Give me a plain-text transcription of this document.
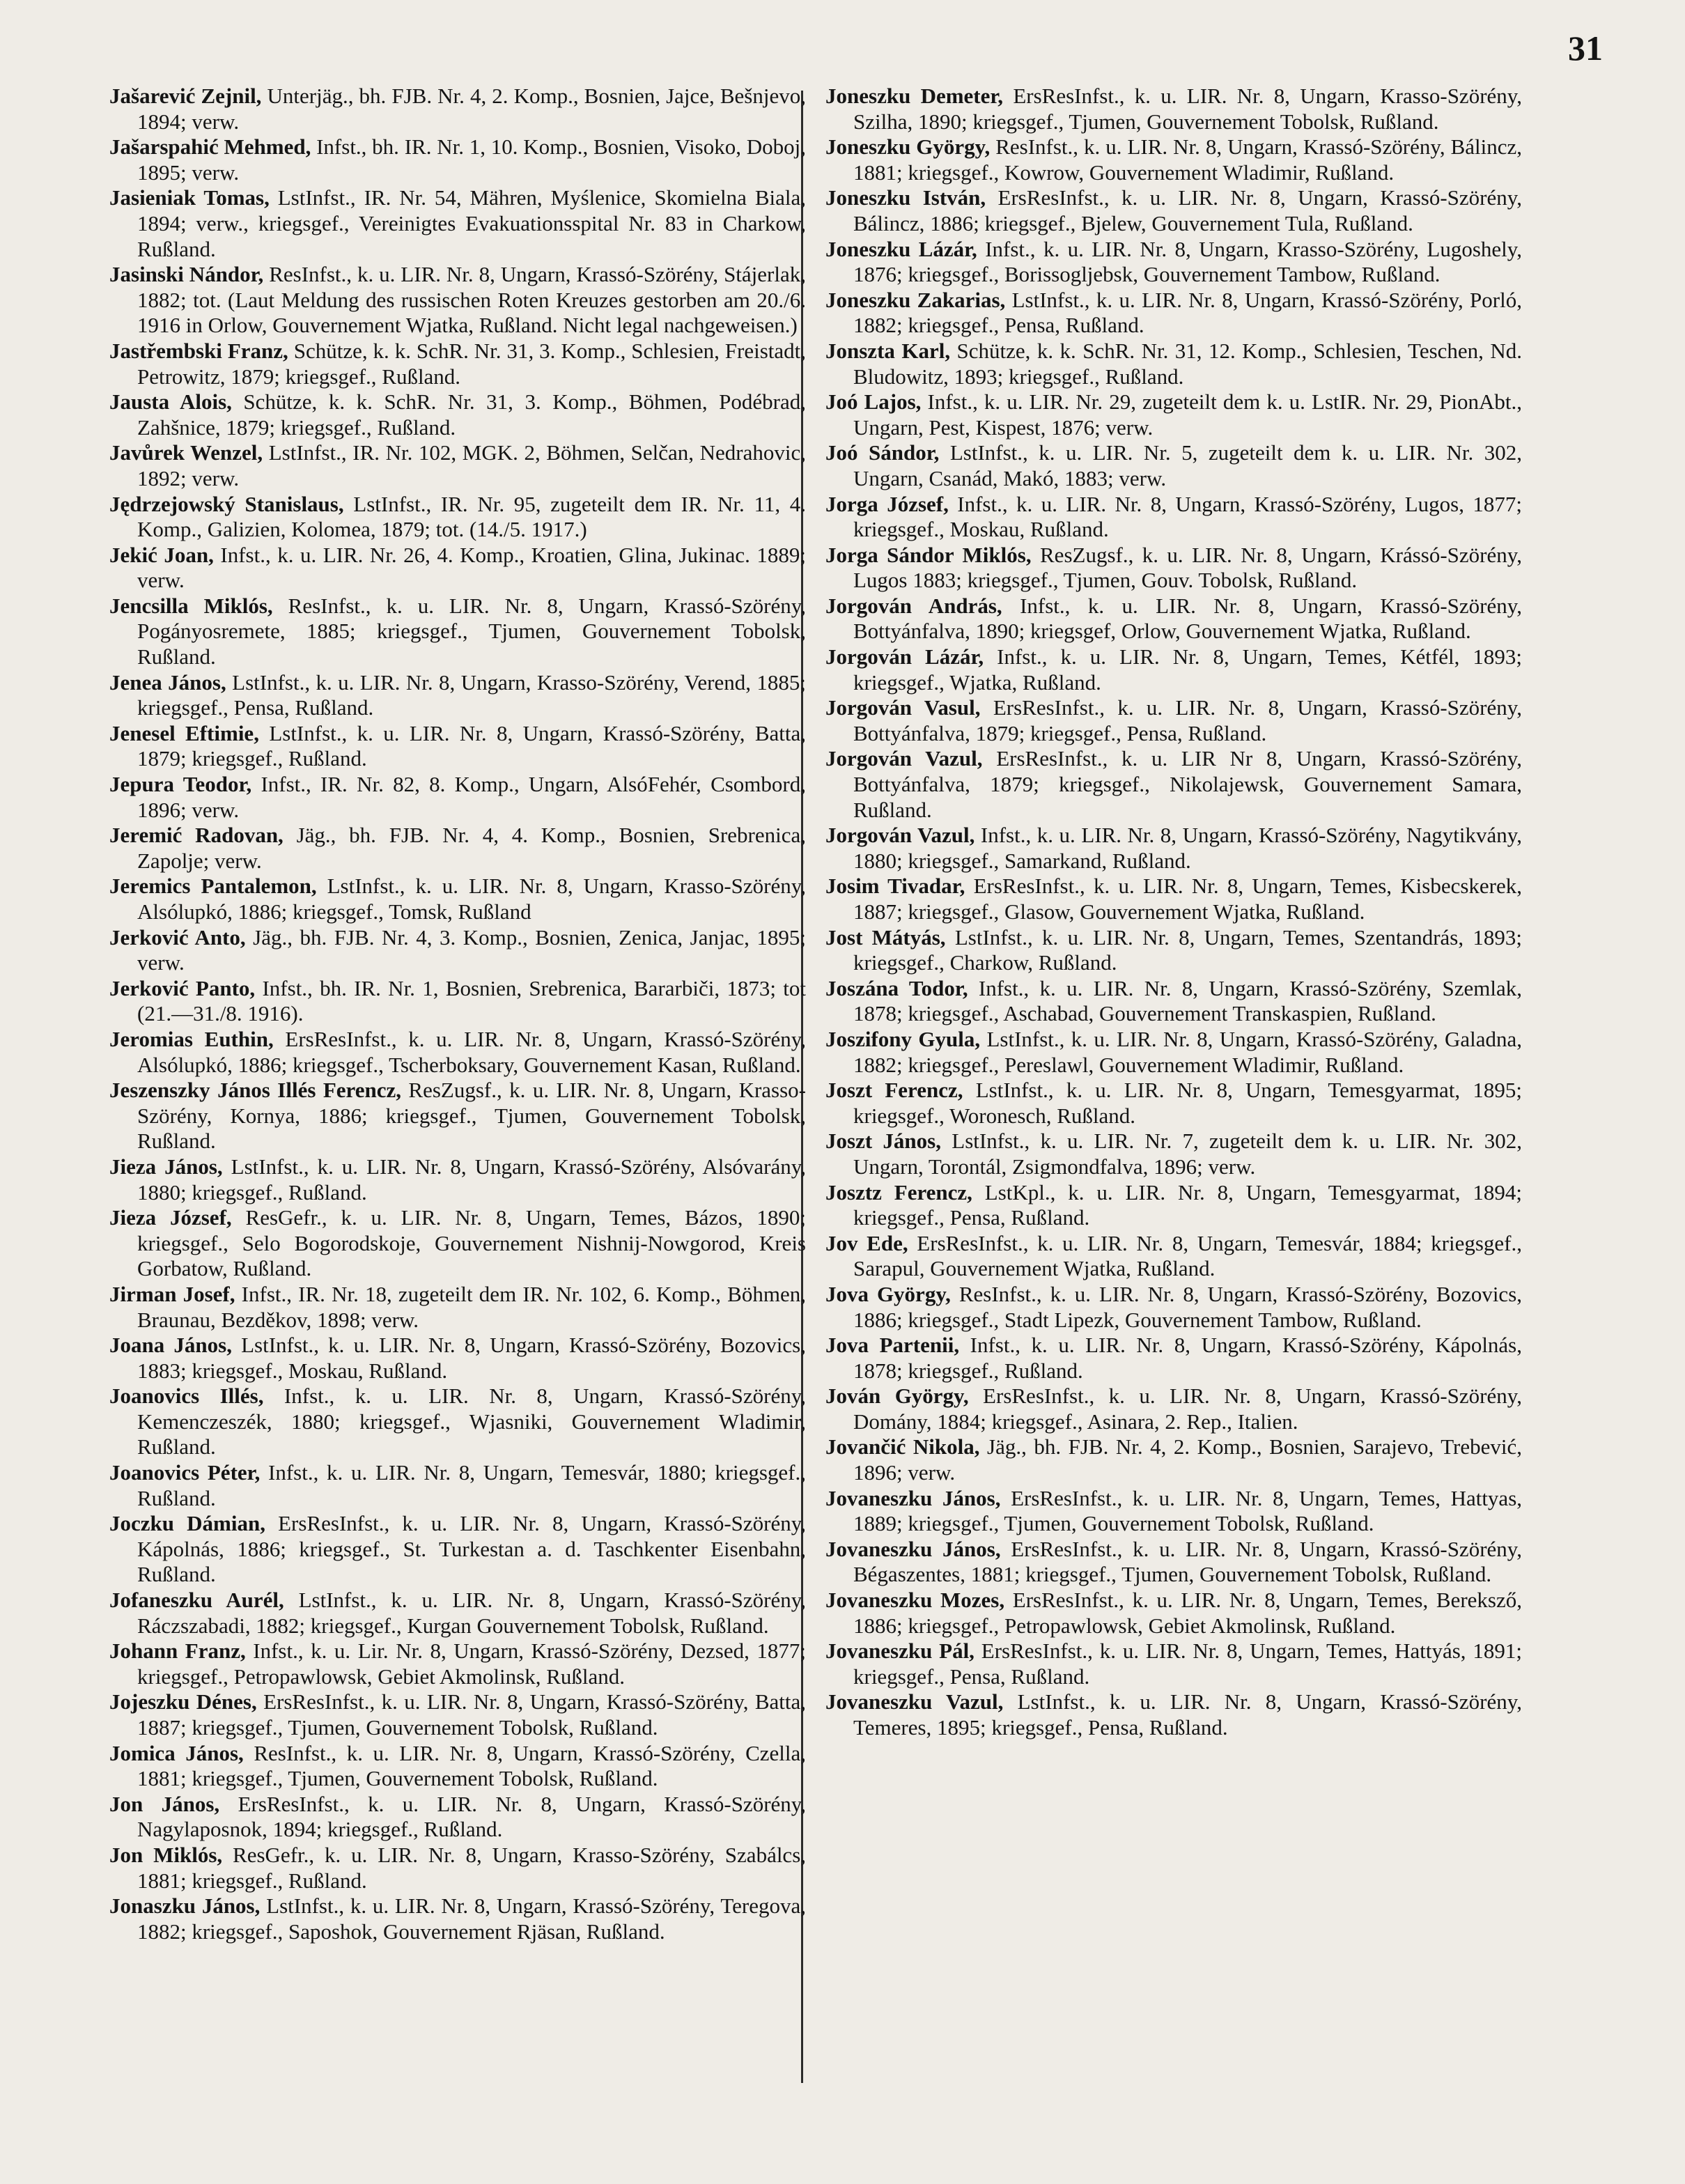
31

Jašarević Zejnil, Unterjäg., bh. FJB. Nr. 4, 2. Komp., Bosnien, Jajce, Bešnjevo, 1894; verw.

Jašarspahić Mehmed, Infst., bh. IR. Nr. 1, 10. Komp., Bosnien, Visoko, Doboj, 1895; verw.

Jasieniak Tomas, LstInfst., IR. Nr. 54, Mähren, Myślenice, Skomielna Biala, 1894; verw., kriegsgef., Vereinigtes Evakuationsspital Nr. 83 in Charkow, Rußland.

Jasinski Nándor, ResInfst., k. u. LIR. Nr. 8, Ungarn, Krassó-Szörény, Stájerlak, 1882; tot. (Laut Meldung des russischen Roten Kreuzes gestorben am 20./6. 1916 in Orlow, Gouvernement Wjatka, Rußland. Nicht legal nachgeweisen.)

Jastřembski Franz, Schütze, k. k. SchR. Nr. 31, 3. Komp., Schlesien, Freistadt, Petrowitz, 1879; kriegsgef., Rußland.

Jausta Alois, Schütze, k. k. SchR. Nr. 31, 3. Komp., Böhmen, Podébrad, Zahšnice, 1879; kriegsgef., Rußland.

Javůrek Wenzel, LstInfst., IR. Nr. 102, MGK. 2, Böhmen, Selčan, Nedrahovic, 1892; verw.

Jędrzejowský Stanislaus, LstInfst., IR. Nr. 95, zugeteilt dem IR. Nr. 11, 4. Komp., Galizien, Kolomea, 1879; tot. (14./5. 1917.)

Jekić Joan, Infst., k. u. LIR. Nr. 26, 4. Komp., Kroatien, Glina, Jukinac. 1889; verw.

Jencsilla Miklós, ResInfst., k. u. LIR. Nr. 8, Ungarn, Krassó-Szörény, Pogányosremete, 1885; kriegsgef., Tjumen, Gouvernement Tobolsk, Rußland.

Jenea János, LstInfst., k. u. LIR. Nr. 8, Ungarn, Krasso-Szörény, Verend, 1885; kriegsgef., Pensa, Rußland.

Jenesel Eftimie, LstInfst., k. u. LIR. Nr. 8, Ungarn, Krassó-Szörény, Batta, 1879; kriegsgef., Rußland.

Jepura Teodor, Infst., IR. Nr. 82, 8. Komp., Ungarn, AlsóFehér, Csombord, 1896; verw.

Jeremić Radovan, Jäg., bh. FJB. Nr. 4, 4. Komp., Bosnien, Srebrenica, Zapolje; verw.

Jeremics Pantalemon, LstInfst., k. u. LIR. Nr. 8, Ungarn, Krasso-Szörény, Alsólupkó, 1886; kriegsgef., Tomsk, Rußland

Jerković Anto, Jäg., bh. FJB. Nr. 4, 3. Komp., Bosnien, Zenica, Janjac, 1895; verw.

Jerković Panto, Infst., bh. IR. Nr. 1, Bosnien, Srebrenica, Bararbiči, 1873; tot (21.—31./8. 1916).

Jeromias Euthin, ErsResInfst., k. u. LIR. Nr. 8, Ungarn, Krassó-Szörény, Alsólupkó, 1886; kriegsgef., Tscherboksary, Gouvernement Kasan, Rußland.

Jeszenszky János Illés Ferencz, ResZugsf., k. u. LIR. Nr. 8, Ungarn, Krasso-Szörény, Kornya, 1886; kriegsgef., Tjumen, Gouvernement Tobolsk, Rußland.

Jieza János, LstInfst., k. u. LIR. Nr. 8, Ungarn, Krassó-Szörény, Alsóvarány, 1880; kriegsgef., Rußland.

Jieza József, ResGefr., k. u. LIR. Nr. 8, Ungarn, Temes, Bázos, 1890; kriegsgef., Selo Bogorodskoje, Gouvernement Nishnij-Nowgorod, Kreis Gorbatow, Rußland.

Jirman Josef, Infst., IR. Nr. 18, zugeteilt dem IR. Nr. 102, 6. Komp., Böhmen, Braunau, Bezděkov, 1898; verw.

Joana János, LstInfst., k. u. LIR. Nr. 8, Ungarn, Krassó-Szörény, Bozovics, 1883; kriegsgef., Moskau, Rußland.

Joanovics Illés, Infst., k. u. LIR. Nr. 8, Ungarn, Krassó-Szörény, Kemenczeszék, 1880; kriegsgef., Wjasniki, Gouvernement Wladimir, Rußland.

Joanovics Péter, Infst., k. u. LIR. Nr. 8, Ungarn, Temesvár, 1880; kriegsgef., Rußland.

Joczku Dámian, ErsResInfst., k. u. LIR. Nr. 8, Ungarn, Krassó-Szörény, Kápolnás, 1886; kriegsgef., St. Turkestan a. d. Taschkenter Eisenbahn, Rußland.

Jofaneszku Aurél, LstInfst., k. u. LIR. Nr. 8, Ungarn, Krassó-Szörény, Ráczszabadi, 1882; kriegsgef., Kurgan Gouvernement Tobolsk, Rußland.

Johann Franz, Infst., k. u. Lir. Nr. 8, Ungarn, Krassó-Szörény, Dezsed, 1877; kriegsgef., Petropawlowsk, Gebiet Akmolinsk, Rußland.

Jojeszku Dénes, ErsResInfst., k. u. LIR. Nr. 8, Ungarn, Krassó-Szörény, Batta, 1887; kriegsgef., Tjumen, Gouvernement Tobolsk, Rußland.

Jomica János, ResInfst., k. u. LIR. Nr. 8, Ungarn, Krassó-Szörény, Czella, 1881; kriegsgef., Tjumen, Gouvernement Tobolsk, Rußland.

Jon János, ErsResInfst., k. u. LIR. Nr. 8, Ungarn, Krassó-Szörény, Nagylaposnok, 1894; kriegsgef., Rußland.

Jon Miklós, ResGefr., k. u. LIR. Nr. 8, Ungarn, Krasso-Szörény, Szabálcs, 1881; kriegsgef., Rußland.

Jonaszku János, LstInfst., k. u. LIR. Nr. 8, Ungarn, Krassó-Szörény, Teregova, 1882; kriegsgef., Saposhok, Gouvernement Rjäsan, Rußland.

Joneszku Demeter, ErsResInfst., k. u. LIR. Nr. 8, Ungarn, Krasso-Szörény, Szilha, 1890; kriegsgef., Tjumen, Gouvernement Tobolsk, Rußland.

Joneszku György, ResInfst., k. u. LIR. Nr. 8, Ungarn, Krassó-Szörény, Bálincz, 1881; kriegsgef., Kowrow, Gouvernement Wladimir, Rußland.

Joneszku István, ErsResInfst., k. u. LIR. Nr. 8, Ungarn, Krassó-Szörény, Bálincz, 1886; kriegsgef., Bjelew, Gouvernement Tula, Rußland.

Joneszku Lázár, Infst., k. u. LIR. Nr. 8, Ungarn, Krasso-Szörény, Lugoshely, 1876; kriegsgef., Borissoglјebsk, Gouvernement Tambow, Rußland.

Joneszku Zakarias, LstInfst., k. u. LIR. Nr. 8, Ungarn, Krassó-Szörény, Porló, 1882; kriegsgef., Pensa, Rußland.

Jonszta Karl, Schütze, k. k. SchR. Nr. 31, 12. Komp., Schlesien, Teschen, Nd. Bludowitz, 1893; kriegsgef., Rußland.

Joó Lajos, Infst., k. u. LIR. Nr. 29, zugeteilt dem k. u. LstIR. Nr. 29, PionAbt., Ungarn, Pest, Kispest, 1876; verw.

Joó Sándor, LstInfst., k. u. LIR. Nr. 5, zugeteilt dem k. u. LIR. Nr. 302, Ungarn, Csanád, Makó, 1883; verw.

Jorga József, Infst., k. u. LIR. Nr. 8, Ungarn, Krassó-Szörény, Lugos, 1877; kriegsgef., Moskau, Rußland.

Jorga Sándor Miklós, ResZugsf., k. u. LIR. Nr. 8, Ungarn, Krássó-Szörény, Lugos 1883; kriegsgef., Tjumen, Gouv. Tobolsk, Rußland.

Jorgován András, Infst., k. u. LIR. Nr. 8, Ungarn, Krassó-Szörény, Bottyánfalva, 1890; kriegsgef, Orlow, Gouvernement Wjatka, Rußland.

Jorgován Lázár, Infst., k. u. LIR. Nr. 8, Ungarn, Temes, Kétfél, 1893; kriegsgef., Wjatka, Rußland.

Jorgován Vasul, ErsResInfst., k. u. LIR. Nr. 8, Ungarn, Krassó-Szörény, Bottyánfalva, 1879; kriegsgef., Pensa, Rußland.

Jorgován Vazul, ErsResInfst., k. u. LIR Nr 8, Ungarn, Krassó-Szörény, Bottyánfalva, 1879; kriegsgef., Nikolajewsk, Gouvernement Samara, Rußland.

Jorgován Vazul, Infst., k. u. LIR. Nr. 8, Ungarn, Krassó-Szörény, Nagytikvány, 1880; kriegsgef., Samarkand, Rußland.

Josim Tivadar, ErsResInfst., k. u. LIR. Nr. 8, Ungarn, Temes, Kisbecskerek, 1887; kriegsgef., Glasow, Gouvernement Wjatka, Rußland.

Jost Mátyás, LstInfst., k. u. LIR. Nr. 8, Ungarn, Temes, Szentandrás, 1893; kriegsgef., Charkow, Rußland.

Joszána Todor, Infst., k. u. LIR. Nr. 8, Ungarn, Krassó-Szörény, Szemlak, 1878; kriegsgef., Aschabad, Gouvernement Transkaspien, Rußland.

Joszifony Gyula, LstInfst., k. u. LIR. Nr. 8, Ungarn, Krassó-Szörény, Galadna, 1882; kriegsgef., Pereslawl, Gouvernement Wladimir, Rußland.

Joszt Ferencz, LstInfst., k. u. LIR. Nr. 8, Ungarn, Temesgyarmat, 1895; kriegsgef., Woronesch, Rußland.

Joszt János, LstInfst., k. u. LIR. Nr. 7, zugeteilt dem k. u. LIR. Nr. 302, Ungarn, Torontál, Zsigmondfalva, 1896; verw.

Josztz Ferencz, LstKpl., k. u. LIR. Nr. 8, Ungarn, Temesgyarmat, 1894; kriegsgef., Pensa, Rußland.

Jov Ede, ErsResInfst., k. u. LIR. Nr. 8, Ungarn, Temesvár, 1884; kriegsgef., Sarapul, Gouvernement Wjatka, Rußland.

Jova György, ResInfst., k. u. LIR. Nr. 8, Ungarn, Krassó-Szörény, Bozovics, 1886; kriegsgef., Stadt Lipezk, Gouvernement Tambow, Rußland.

Jova Partenii, Infst., k. u. LIR. Nr. 8, Ungarn, Krassó-Szörény, Kápolnás, 1878; kriegsgef., Rußland.

Jován György, ErsResInfst., k. u. LIR. Nr. 8, Ungarn, Krassó-Szörény, Domány, 1884; kriegsgef., Asinara, 2. Rep., Italien.

Jovančić Nikola, Jäg., bh. FJB. Nr. 4, 2. Komp., Bosnien, Sarajevo, Trebević, 1896; verw.

Jovaneszku János, ErsResInfst., k. u. LIR. Nr. 8, Ungarn, Temes, Hattyas, 1889; kriegsgef., Tjumen, Gouvernement Tobolsk, Rußland.

Jovaneszku János, ErsResInfst., k. u. LIR. Nr. 8, Ungarn, Krassó-Szörény, Bégaszentes, 1881; kriegsgef., Tjumen, Gouvernement Tobolsk, Rußland.

Jovaneszku Mozes, ErsResInfst., k. u. LIR. Nr. 8, Ungarn, Temes, Bereksző, 1886; kriegsgef., Petropawlowsk, Gebiet Akmolinsk, Rußland.

Jovaneszku Pál, ErsResInfst., k. u. LIR. Nr. 8, Ungarn, Temes, Hattyás, 1891; kriegsgef., Pensa, Rußland.

Jovaneszku Vazul, LstInfst., k. u. LIR. Nr. 8, Ungarn, Krassó-Szörény, Temeres, 1895; kriegsgef., Pensa, Rußland.
